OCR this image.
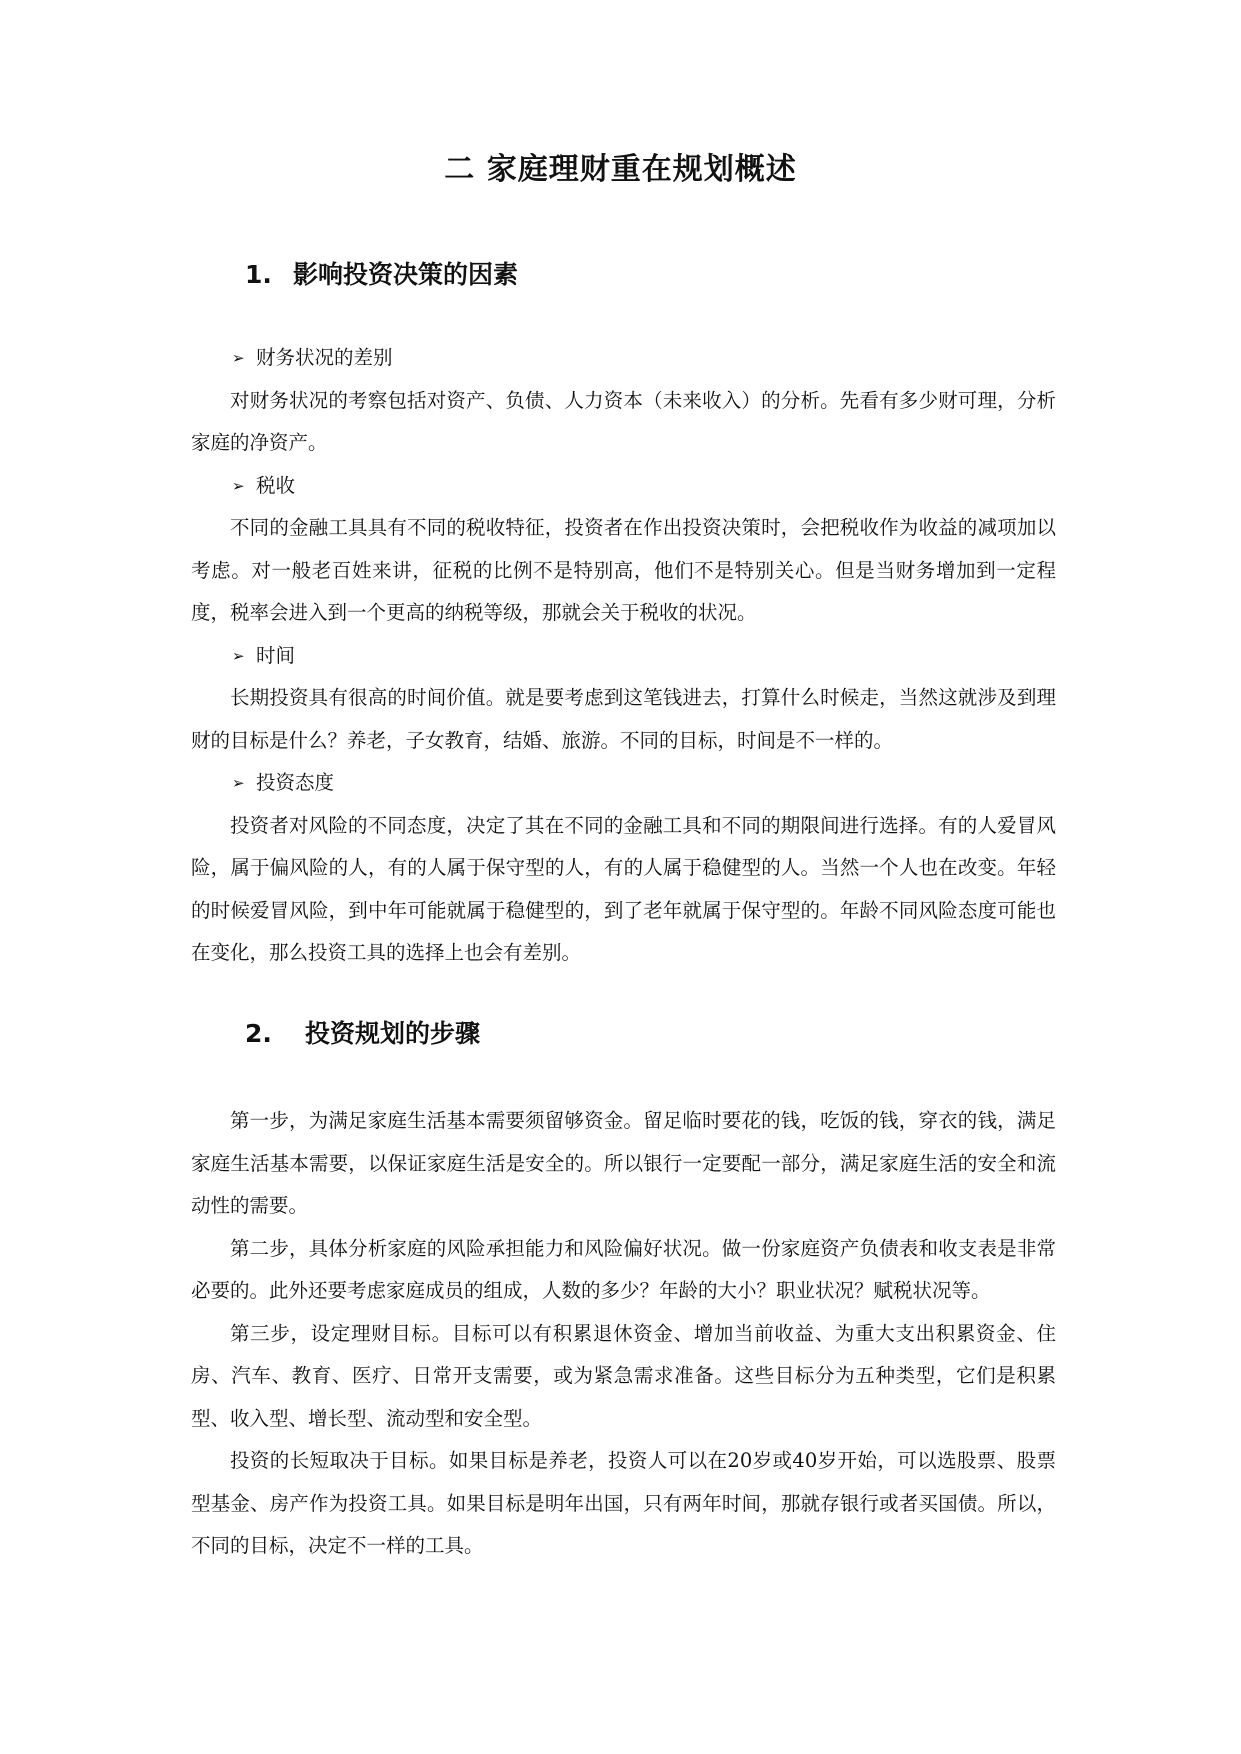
二 家庭理财重在规划概述
1. 影响投资决策的因素

➢ 财务状况的差别

对财务状况的考察包括对资产、负债、人力资本（未来收入）的分析。先看有多少财可理，分析家庭的净资产。

➢ 税收

不同的金融工具具有不同的税收特征，投资者在作出投资决策时，会把税收作为收益的减项加以考虑。对一般老百姓来讲，征税的比例不是特别高，他们不是特别关心。但是当财务增加到一定程度，税率会进入到一个更高的纳税等级，那就会关于税收的状况。

➢ 时间

长期投资具有很高的时间价值。就是要考虑到这笔钱进去，打算什么时候走，当然这就涉及到理财的目标是什么？养老，子女教育，结婚、旅游。不同的目标，时间是不一样的。

➢ 投资态度

投资者对风险的不同态度，决定了其在不同的金融工具和不同的期限间进行选择。有的人爱冒风险，属于偏风险的人，有的人属于保守型的人，有的人属于稳健型的人。当然一个人也在改变。年轻的时候爱冒风险，到中年可能就属于稳健型的，到了老年就属于保守型的。年龄不同风险态度可能也在变化，那么投资工具的选择上也会有差别。

2. 投资规划的步骤

第一步，为满足家庭生活基本需要须留够资金。留足临时要花的钱，吃饭的钱，穿衣的钱，满足家庭生活基本需要，以保证家庭生活是安全的。所以银行一定要配一部分，满足家庭生活的安全和流动性的需要。

第二步，具体分析家庭的风险承担能力和风险偏好状况。做一份家庭资产负债表和收支表是非常必要的。此外还要考虑家庭成员的组成，人数的多少？年龄的大小？职业状况？赋税状况等。

第三步，设定理财目标。目标可以有积累退休资金、增加当前收益、为重大支出积累资金、住房、汽车、教育、医疗、日常开支需要，或为紧急需求准备。这些目标分为五种类型，它们是积累型、收入型、增长型、流动型和安全型。

投资的长短取决于目标。如果目标是养老，投资人可以在20岁或40岁开始，可以选股票、股票型基金、房产作为投资工具。如果目标是明年出国，只有两年时间，那就存银行或者买国债。所以，不同的目标，决定不一样的工具。
